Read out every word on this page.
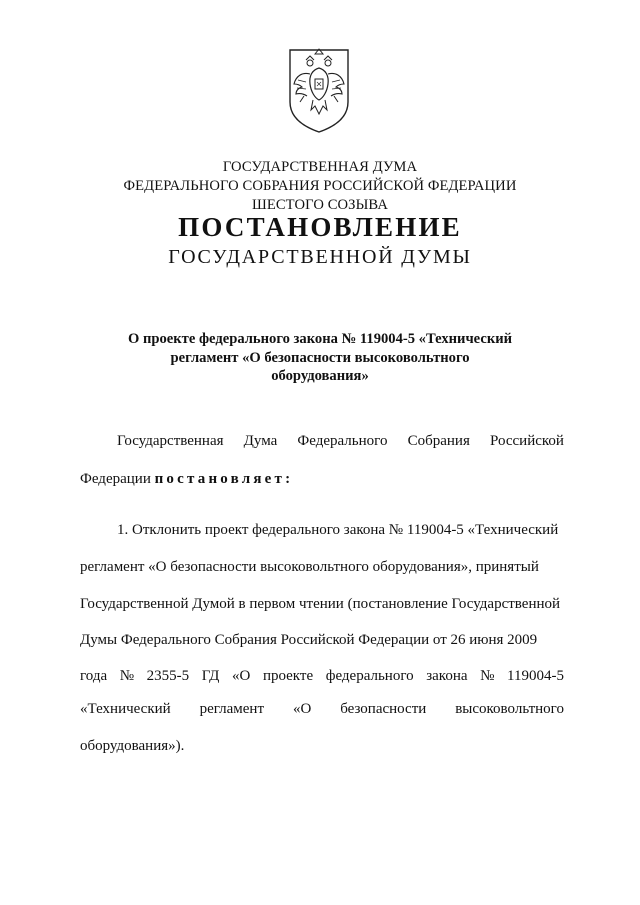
ГОСУДАРСТВЕННАЯ ДУМА
ФЕДЕРАЛЬНОГО СОБРАНИЯ РОССИЙСКОЙ ФЕДЕРАЦИИ
ШЕСТОГО СОЗЫВА
ПОСТАНОВЛЕНИЕ
ГОСУДАРСТВЕННОЙ ДУМЫ
О проекте федерального закона № 119004-5 «Технический
регламент «О безопасности высоковольтного
оборудования»
Государственная Дума Федерального Собрания Российской
Федерации постановляет:
1. Отклонить проект федерального закона № 119004-5 «Технический
регламент «О безопасности высоковольтного оборудования», принятый
Государственной Думой в первом чтении (постановление Государственной
Думы Федерального Собрания Российской Федерации от 26 июня 2009
года № 2355-5 ГД «О проекте федерального закона № 119004-5
«Технический регламент «О безопасности высоковольтного
оборудования»).
